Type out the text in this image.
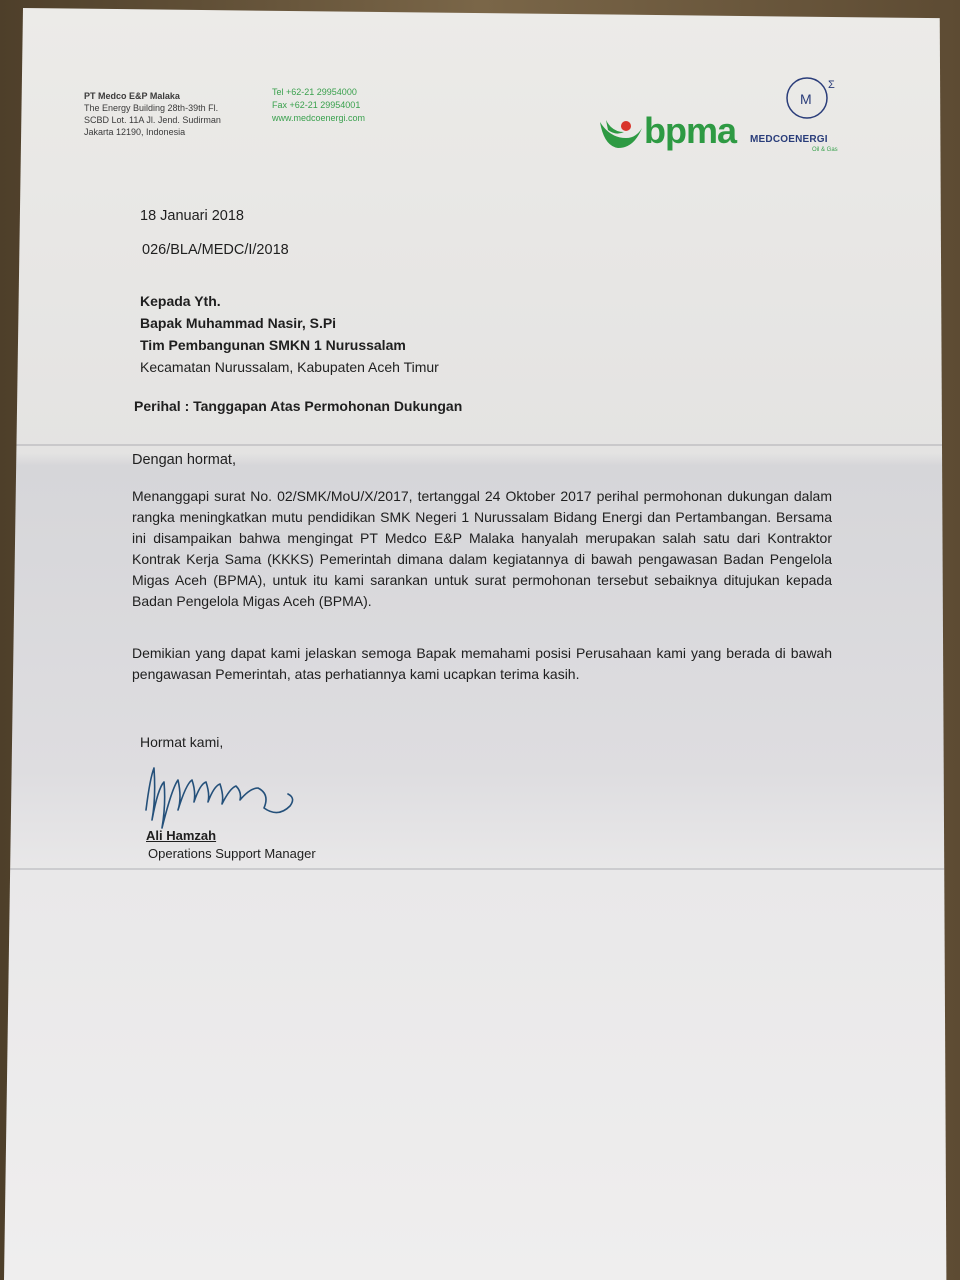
PT Medco E&P Malaka
The Energy Building 28th-39th Fl.
SCBD Lot. 11A Jl. Jend. Sudirman
Jakarta 12190, Indonesia
Tel +62-21 29954000
Fax +62-21 29954001
www.medcoenergi.com	bpma
M
Σ
MEDCOENERGI
Oil & Gas
18 Januari 2018
026/BLA/MEDC/I/2018
Kepada Yth.
Bapak Muhammad Nasir, S.Pi
Tim Pembangunan SMKN 1 Nurussalam
Kecamatan Nurussalam, Kabupaten Aceh Timur
Perihal : Tanggapan Atas Permohonan Dukungan
Dengan hormat,
Menanggapi surat No. 02/SMK/MoU/X/2017, tertanggal 24 Oktober 2017 perihal permohonan dukungan dalam rangka meningkatkan mutu pendidikan SMK Negeri 1 Nurussalam Bidang Energi dan Pertambangan. Bersama ini disampaikan bahwa mengingat PT Medco E&P Malaka hanyalah merupakan salah satu dari Kontraktor Kontrak Kerja Sama (KKKS) Pemerintah dimana dalam kegiatannya di bawah pengawasan Badan Pengelola Migas Aceh (BPMA), untuk itu kami sarankan untuk surat permohonan tersebut sebaiknya ditujukan kepada Badan Pengelola Migas Aceh (BPMA).
Demikian yang dapat kami jelaskan semoga Bapak memahami posisi Perusahaan kami yang berada di bawah pengawasan Pemerintah, atas perhatiannya kami ucapkan terima kasih.
Hormat kami,
Ali Hamzah
Operations Support Manager
